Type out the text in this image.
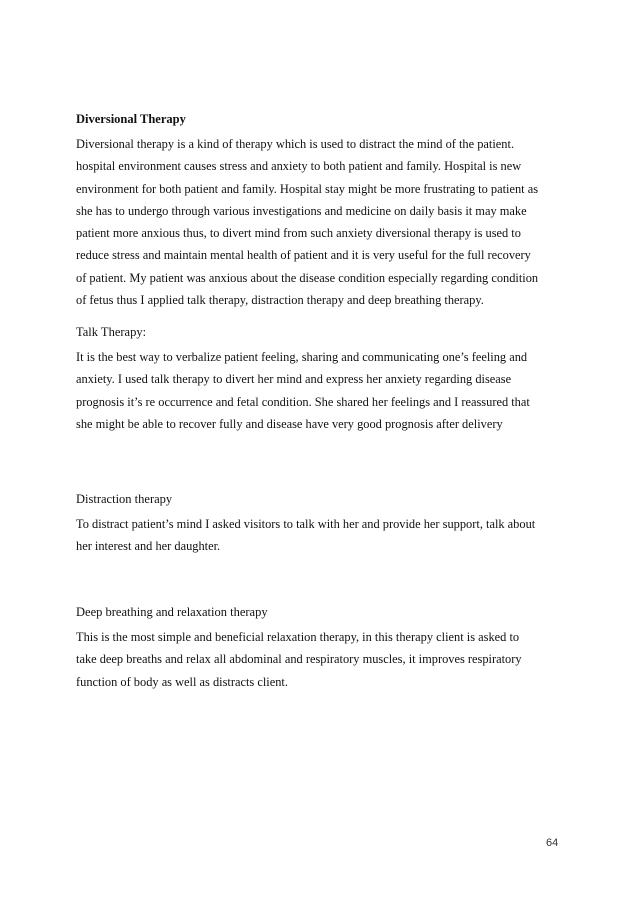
Diversional Therapy

Diversional therapy is a kind of therapy which is used to distract the mind of the patient.
hospital environment causes stress and anxiety to both patient and family. Hospital is new
environment for both patient and family. Hospital stay might be more frustrating to patient as
she has to undergo through various investigations and medicine on daily basis it may make
patient more anxious thus, to divert mind from such anxiety diversional therapy is used to
reduce stress and maintain mental health of patient and it is very useful for the full recovery
of patient. My patient was anxious about the disease condition especially regarding condition
of fetus thus I applied talk therapy, distraction therapy and deep breathing therapy.

Talk Therapy:

It is the best way to verbalize patient feeling, sharing and communicating one’s feeling and
anxiety. I used talk therapy to divert her mind and express her anxiety regarding disease
prognosis it’s re occurrence and fetal condition. She shared her feelings and I reassured that
she might be able to recover fully and disease have very good prognosis after delivery

Distraction therapy

To distract patient’s mind I asked visitors to talk with her and provide her support, talk about
her interest and her daughter.

Deep breathing and relaxation therapy

This is the most simple and beneficial relaxation therapy, in this therapy client is asked to
take deep breaths and relax all abdominal and respiratory muscles, it improves respiratory
function of body as well as distracts client.

64
